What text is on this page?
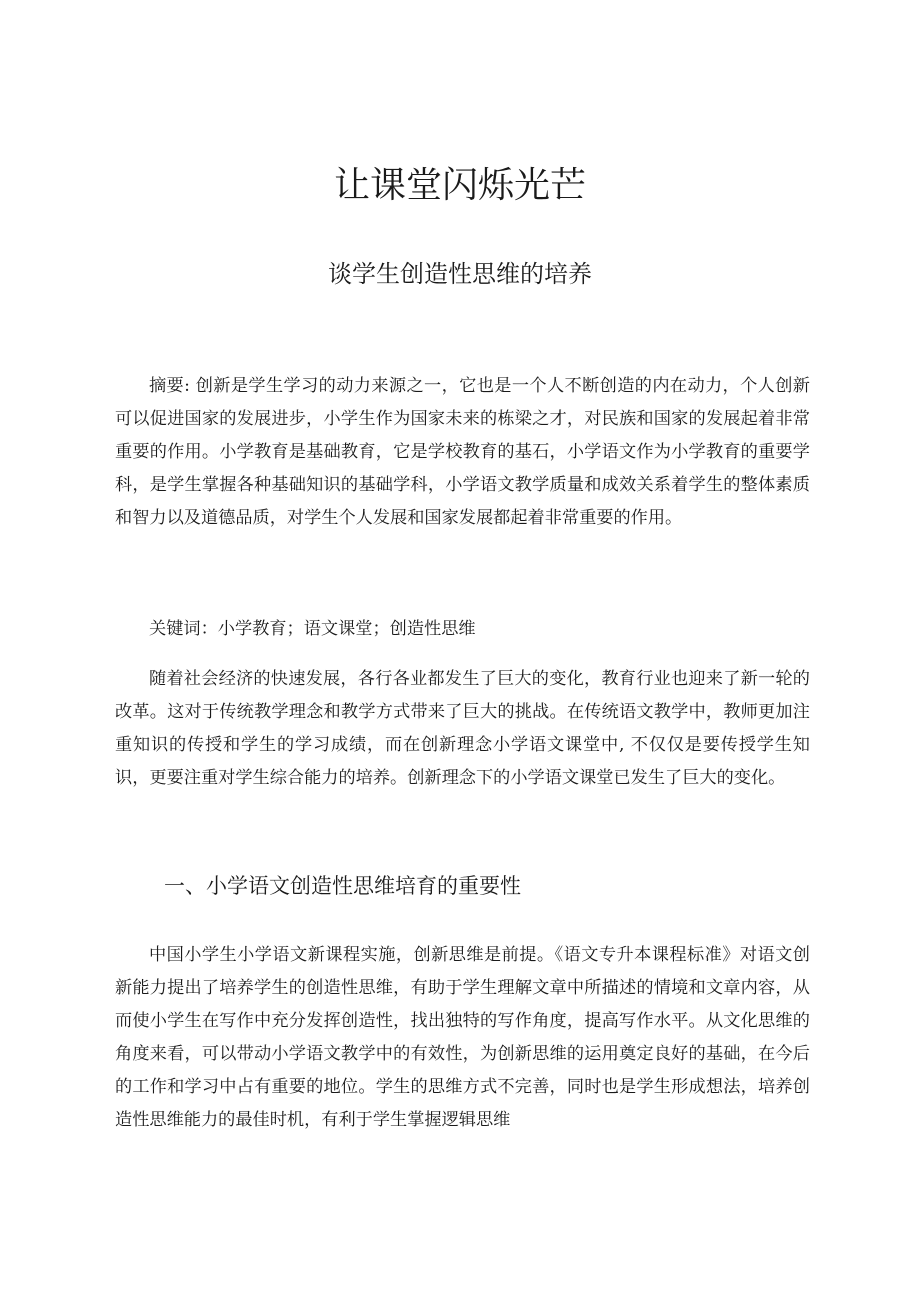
让课堂闪烁光芒
谈学生创造性思维的培养

摘要: 创新是学生学习的动力来源之一，它也是一个人不断创造的内在动力，个人创新可以促进国家的发展进步，小学生作为国家未来的栋梁之才，对民族和国家的发展起着非常重要的作用。小学教育是基础教育，它是学校教育的基石，小学语文作为小学教育的重要学科，是学生掌握各种基础知识的基础学科，小学语文教学质量和成效关系着学生的整体素质和智力以及道德品质，对学生个人发展和国家发展都起着非常重要的作用。

关键词：小学教育；语文课堂；创造性思维

随着社会经济的快速发展，各行各业都发生了巨大的变化，教育行业也迎来了新一轮的改革。这对于传统教学理念和教学方式带来了巨大的挑战。在传统语文教学中，教师更加注重知识的传授和学生的学习成绩，而在创新理念小学语文课堂中, 不仅仅是要传授学生知识，更要注重对学生综合能力的培养。创新理念下的小学语文课堂已发生了巨大的变化。

一、小学语文创造性思维培育的重要性

中国小学生小学语文新课程实施，创新思维是前提。《语文专升本课程标准》对语文创新能力提出了培养学生的创造性思维，有助于学生理解文章中所描述的情境和文章内容，从而使小学生在写作中充分发挥创造性，找出独特的写作角度，提高写作水平。从文化思维的角度来看，可以带动小学语文教学中的有效性，为创新思维的运用奠定良好的基础，在今后的工作和学习中占有重要的地位。学生的思维方式不完善，同时也是学生形成想法，培养创造性思维能力的最佳时机，有利于学生掌握逻辑思维
